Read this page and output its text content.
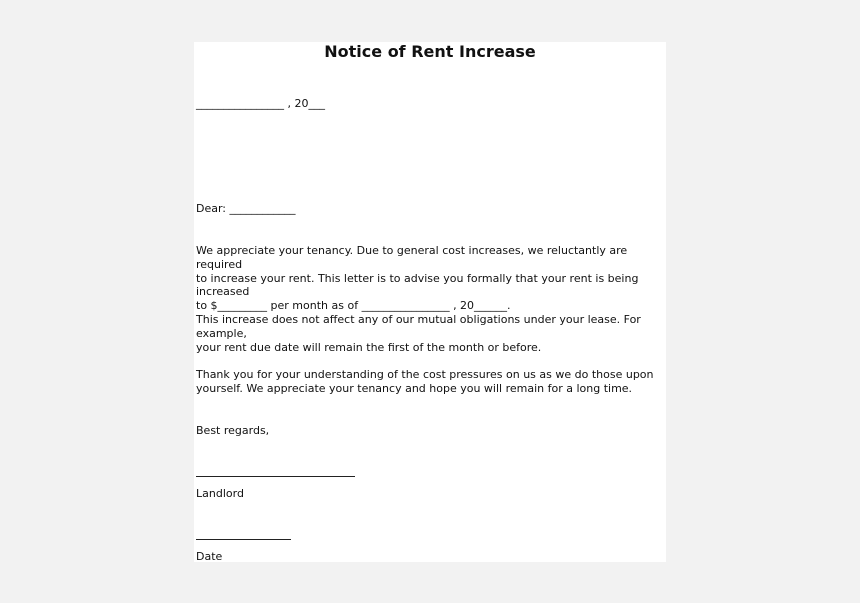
Notice of Rent Increase
________________ , 20___
Dear: ____________
We appreciate your tenancy. Due to general cost increases, we reluctantly are required
to increase your rent. This letter is to advise you formally that your rent is being increased
to $_________ per month as of ________________ , 20______.
This increase does not affect any of our mutual obligations under your lease. For example,
your rent due date will remain the first of the month or before.
Thank you for your understanding of the cost pressures on us as we do those upon
yourself. We appreciate your tenancy and hope you will remain for a long time.
Best regards,
Landlord
Date
